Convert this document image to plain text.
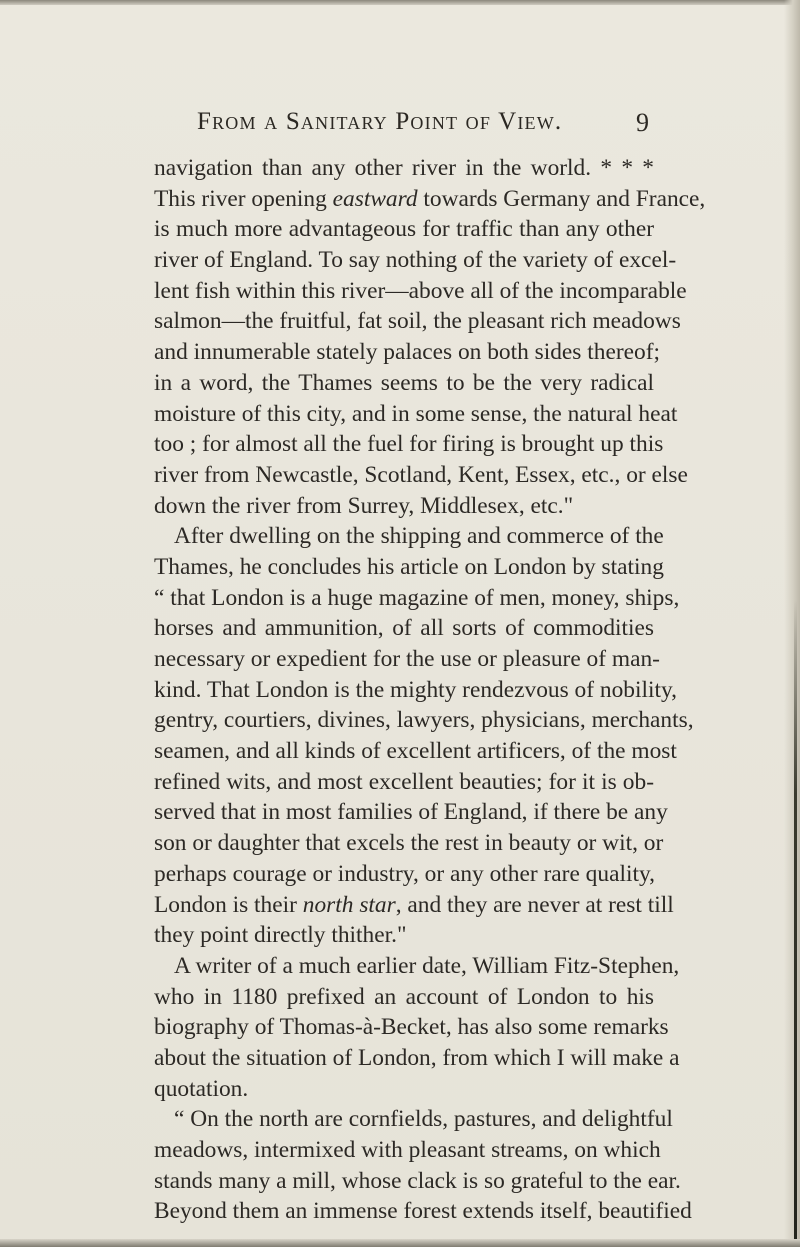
From a Sanitary Point of View.	9
navigation than any other river in the world. * * *
This river opening eastward towards Germany and France,
is much more advantageous for traffic than any other
river of England. To say nothing of the variety of excel-
lent fish within this river—above all of the incomparable
salmon—the fruitful, fat soil, the pleasant rich meadows
and innumerable stately palaces on both sides thereof;
in a word, the Thames seems to be the very radical
moisture of this city, and in some sense, the natural heat
too ; for almost all the fuel for firing is brought up this
river from Newcastle, Scotland, Kent, Essex, etc., or else
down the river from Surrey, Middlesex, etc."
After dwelling on the shipping and commerce of the
Thames, he concludes his article on London by stating
“ that London is a huge magazine of men, money, ships,
horses and ammunition, of all sorts of commodities
necessary or expedient for the use or pleasure of man-
kind. That London is the mighty rendezvous of nobility,
gentry, courtiers, divines, lawyers, physicians, merchants,
seamen, and all kinds of excellent artificers, of the most
refined wits, and most excellent beauties; for it is ob-
served that in most families of England, if there be any
son or daughter that excels the rest in beauty or wit, or
perhaps courage or industry, or any other rare quality,
London is their north star, and they are never at rest till
they point directly thither."
A writer of a much earlier date, William Fitz-Stephen,
who in 1180 prefixed an account of London to his
biography of Thomas-à-Becket, has also some remarks
about the situation of London, from which I will make a
quotation.
“ On the north are cornfields, pastures, and delightful
meadows, intermixed with pleasant streams, on which
stands many a mill, whose clack is so grateful to the ear.
Beyond them an immense forest extends itself, beautified
